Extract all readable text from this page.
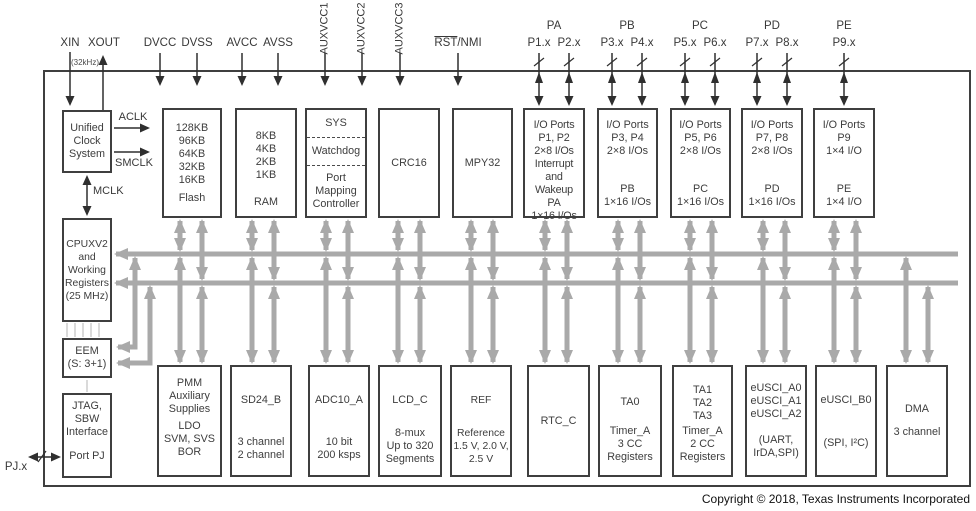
XIN XOUT
(32kHz)
DVCC DVSS	AVCC AVSS	AUXVCC1 AUXVCC2 AUXVCC3	$\overline{RST}$/NMI
PA
P1.x P2.x
PB
P3.x P4.x
PC
P5.x P6.x
PD
P7.x P8.x
PE
P9.x
PJ.x
ACLK
SMCLK
MCLK
Unified
Clock
System
CPUXV2
and
Working
Registers
(25 MHz)
EEM
(S: 3+1)
JTAG,
SBW
Interface
Port PJ
128KB
96KB
64KB
32KB
16KB
Flash
8KB
4KB
2KB
1KB
RAM
SYS
Watchdog
Port
Mapping
Controller
CRC16	MPY32
I/O Ports
P1, P2
2×8 I/Os
Interrupt and
Wakeup
PA
1×16 I/Os
I/O Ports
P3, P4
2×8 I/Os
PB
1×16 I/Os
I/O Ports
P5, P6
2×8 I/Os
PC
1×16 I/Os
I/O Ports
P7, P8
2×8 I/Os
PD
1×16 I/Os
I/O Ports
P9
1×4 I/O
PE
1×4 I/O
PMM
Auxiliary
Supplies
LDO
SVM, SVS
BOR
SD24_B
3 channel
2 channel
ADC10_A
10 bit
200 ksps
LCD_C
8-mux
Up to 320
Segments
REF
Reference
1.5 V, 2.0 V,
2.5 V
RTC_C
TA0
Timer_A
3 CC
Registers
TA1
TA2
TA3
Timer_A
2 CC
Registers
eUSCI_A0
eUSCI_A1
eUSCI_A2
(UART,
IrDA,SPI)
eUSCI_B0
(SPI, I²C)
DMA
3 channel
Copyright © 2018, Texas Instruments Incorporated
